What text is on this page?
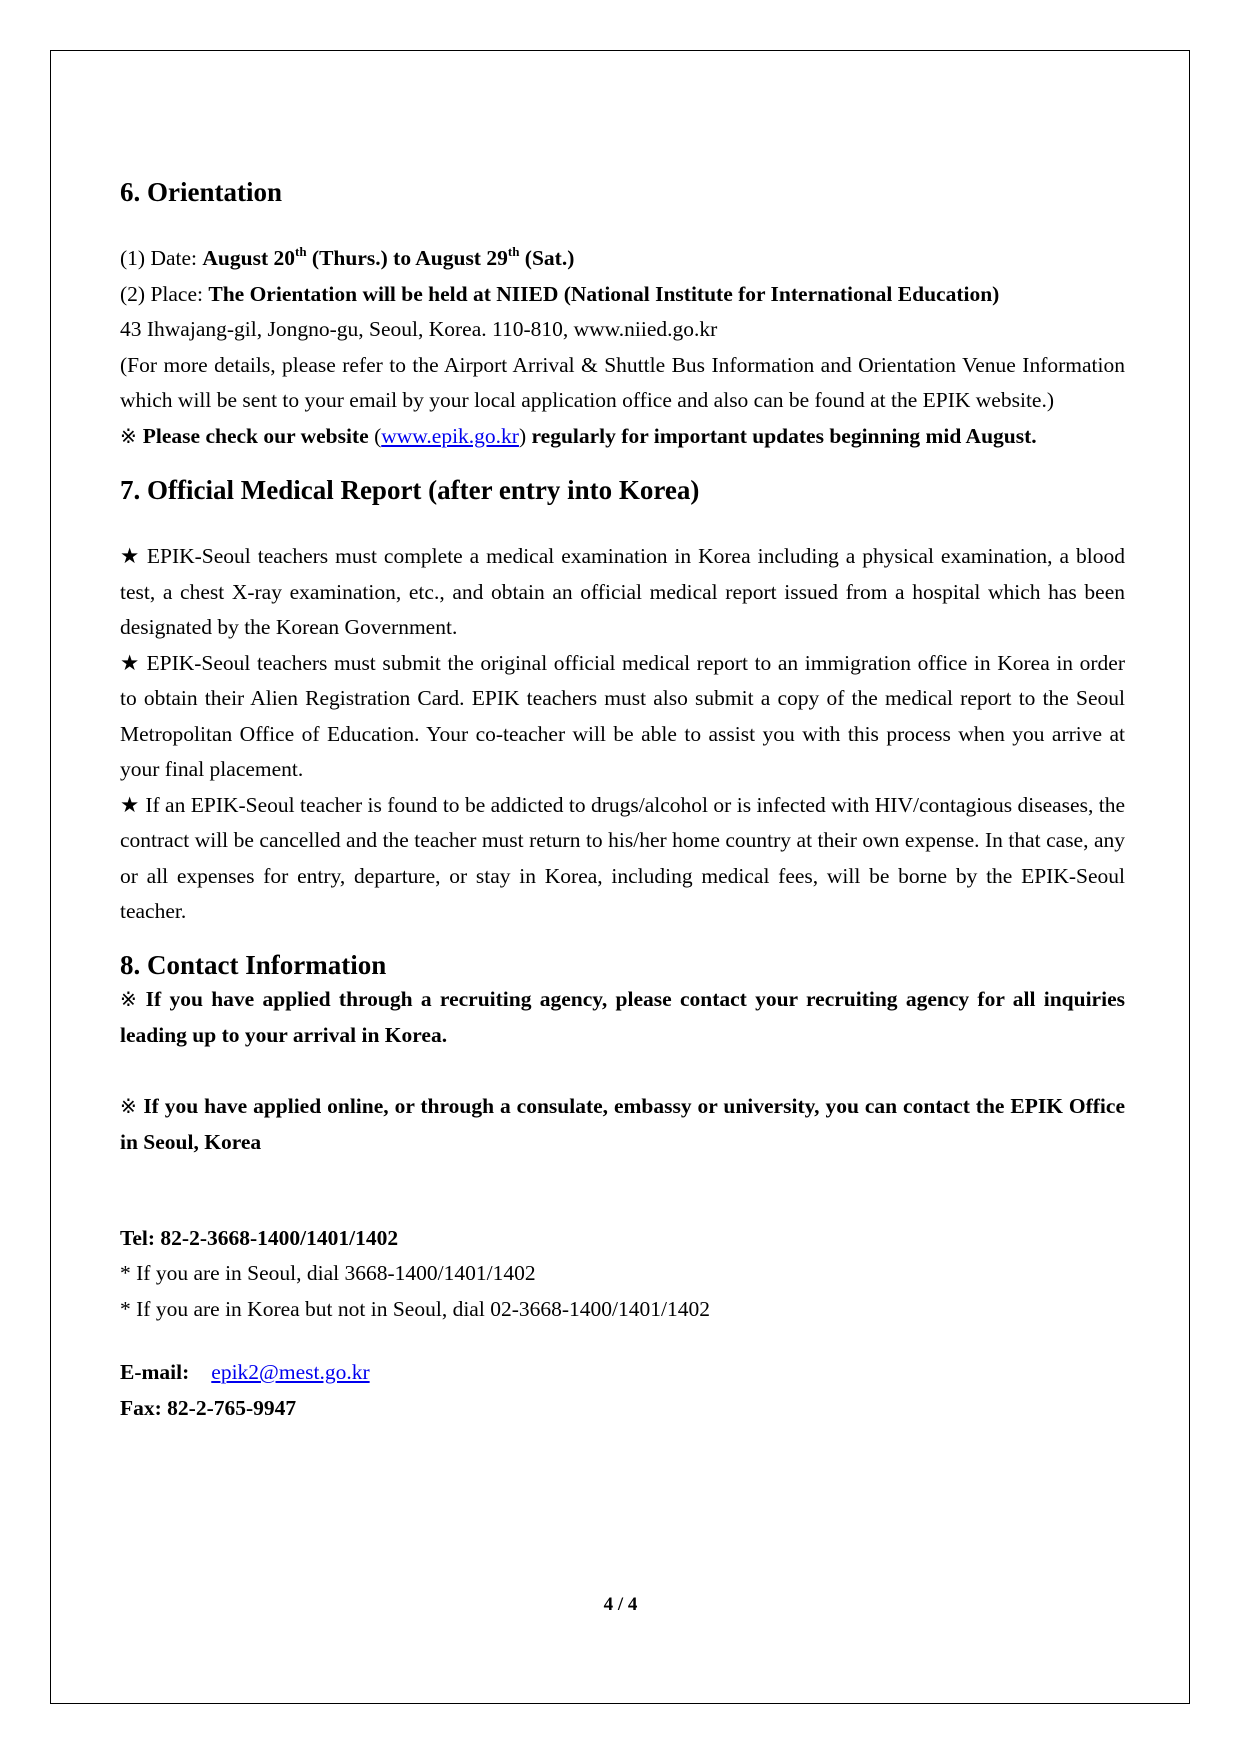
6. Orientation

(1) Date: August 20th (Thurs.) to August 29th (Sat.)

(2) Place: The Orientation will be held at NIIED (National Institute for International Education)

43 Ihwajang-gil, Jongno-gu, Seoul, Korea. 110-810, www.niied.go.kr

(For more details, please refer to the Airport Arrival & Shuttle Bus Information and Orientation Venue Information which will be sent to your email by your local application office and also can be found at the EPIK website.)

※ Please check our website (www.epik.go.kr) regularly for important updates beginning mid August.

7. Official Medical Report (after entry into Korea)

★ EPIK-Seoul teachers must complete a medical examination in Korea including a physical examination, a blood test, a chest X-ray examination, etc., and obtain an official medical report issued from a hospital which has been designated by the Korean Government.

★ EPIK-Seoul teachers must submit the original official medical report to an immigration office in Korea in order to obtain their Alien Registration Card. EPIK teachers must also submit a copy of the medical report to the Seoul Metropolitan Office of Education. Your co-teacher will be able to assist you with this process when you arrive at your final placement.

★ If an EPIK-Seoul teacher is found to be addicted to drugs/alcohol or is infected with HIV/contagious diseases, the contract will be cancelled and the teacher must return to his/her home country at their own expense. In that case, any or all expenses for entry, departure, or stay in Korea, including medical fees, will be borne by the EPIK-Seoul teacher.

8. Contact Information

※ If you have applied through a recruiting agency, please contact your recruiting agency for all inquiries leading up to your arrival in Korea.

※ If you have applied online, or through a consulate, embassy or university, you can contact the EPIK Office in Seoul, Korea

Tel: 82-2-3668-1400/1401/1402

* If you are in Seoul, dial 3668-1400/1401/1402

* If you are in Korea but not in Seoul, dial 02-3668-1400/1401/1402

E-mail: epik2@mest.go.kr

Fax: 82-2-765-9947

4 / 4
